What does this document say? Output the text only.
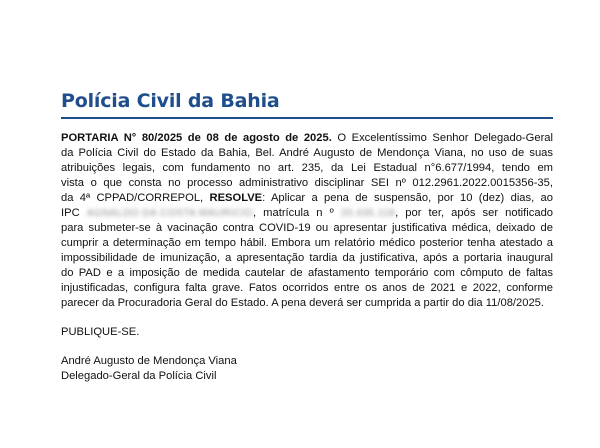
Polícia Civil da Bahia
PORTARIA N° 80/2025 de 08 de agosto de 2025. O Excelentíssimo Senhor Delegado-Geral
da Polícia Civil do Estado da Bahia, Bel. André Augusto de Mendonça Viana, no uso de suas
atribuições legais, com fundamento no art. 235, da Lei Estadual n°6.677/1994, tendo em
vista o que consta no processo administrativo disciplinar SEI nº 012.2961.2022.0015356-35,
da 4ª CPPAD/CORREPOL, RESOLVE: Aplicar a pena de suspensão, por 10 (dez) dias, ao
IPC AGNALDO DA COSTA MAURICIO, matrícula n º 20.435.118, por ter, após ser notificado
para submeter-se à vacinação contra COVID-19 ou apresentar justificativa médica, deixado de
cumprir a determinação em tempo hábil. Embora um relatório médico posterior tenha atestado a
impossibilidade de imunização, a apresentação tardia da justificativa, após a portaria inaugural
do PAD e a imposição de medida cautelar de afastamento temporário com cômputo de faltas
injustificadas, configura falta grave. Fatos ocorridos entre os anos de 2021 e 2022, conforme
parecer da Procuradoria Geral do Estado. A pena deverá ser cumprida a partir do dia 11/08/2025.
PUBLIQUE-SE.
André Augusto de Mendonça Viana
Delegado-Geral da Polícia Civil
